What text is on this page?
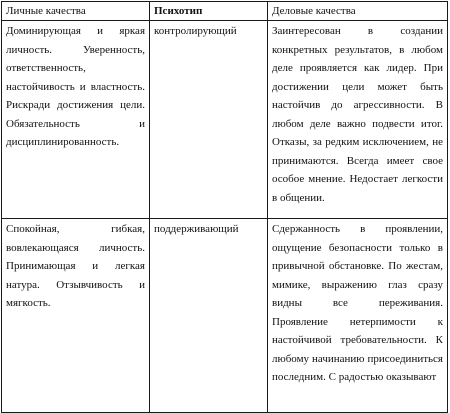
Личные качества	Психотип	Деловые качества
Доминирующая и яркая личность. Уверенность, ответственность, настойчивость и властность. Рискради достижения цели. Обязательность и дисциплинированность.	контролирующий	Заинтересован в создании конкретных результатов, в любом деле проявляется как лидер. При достижении цели может быть настойчив до агрессивности. В любом деле важно подвести итог. Отказы, за редким исключением, не принимаются. Всегда имеет свое особое мнение. Недостает легкости в общении.
Спокойная, гибкая, вовлекающаяся личность. Принимающая и легкая натура. Отзывчивость и мягкость.	поддерживающий	Сдержанность в проявлении, ощущение безопасности только в привычной обстановке. По жестам, мимике, выражению глаз сразу видны все переживания. Проявление нетерпимости к настойчивой требовательности. К любому начинанию присоединиться последним. С радостью оказывают
